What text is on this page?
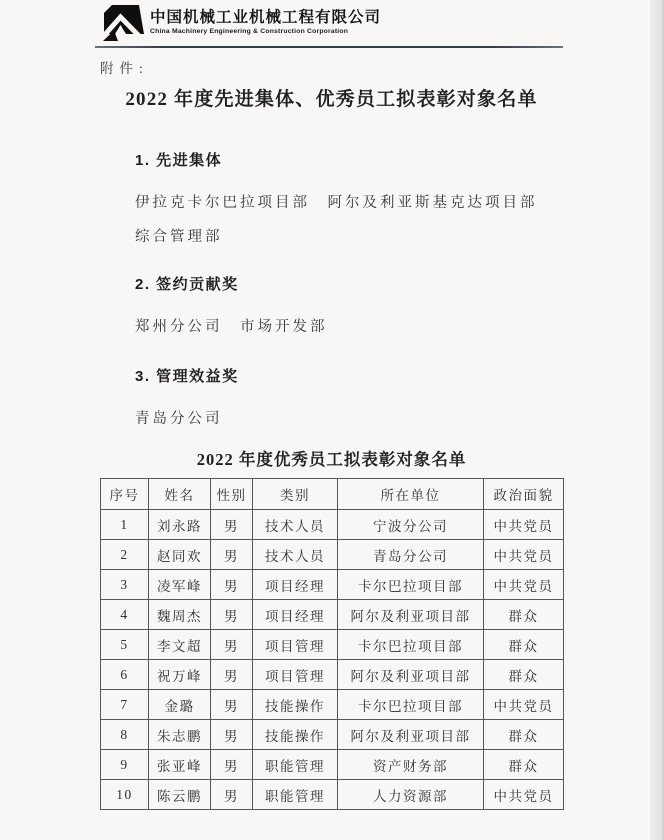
中国机械工业机械工程有限公司
China Machinery Engineering & Construction Corporation
附件:
2022 年度先进集体、优秀员工拟表彰对象名单

1. 先进集体

伊拉克卡尔巴拉项目部　阿尔及利亚斯基克达项目部

综合管理部

2. 签约贡献奖

郑州分公司　市场开发部

3. 管理效益奖

青岛分公司

2022 年度优秀员工拟表彰对象名单
序号	姓名	性别	类别	所在单位	政治面貌
1	刘永路	男	技术人员	宁波分公司	中共党员
2	赵同欢	男	技术人员	青岛分公司	中共党员
3	凌军峰	男	项目经理	卡尔巴拉项目部	中共党员
4	魏周杰	男	项目经理	阿尔及利亚项目部	群众
5	李文超	男	项目管理	卡尔巴拉项目部	群众
6	祝万峰	男	项目管理	阿尔及利亚项目部	群众
7	金璐	男	技能操作	卡尔巴拉项目部	中共党员
8	朱志鹏	男	技能操作	阿尔及利亚项目部	群众
9	张亚峰	男	职能管理	资产财务部	群众
10	陈云鹏	男	职能管理	人力资源部	中共党员
